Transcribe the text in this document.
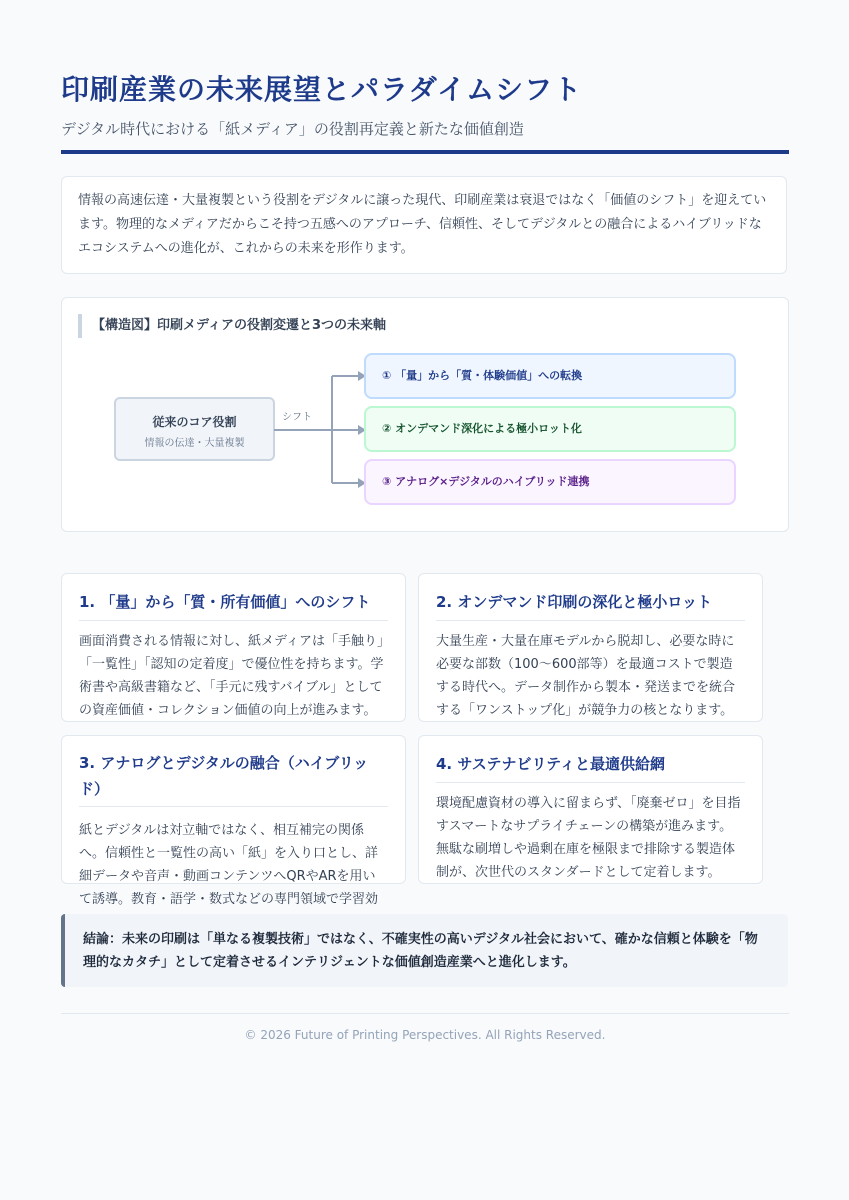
印刷産業の未来展望とパラダイムシフト
デジタル時代における「紙メディア」の役割再定義と新たな価値創造
情報の高速伝達・大量複製という役割をデジタルに譲った現代、印刷産業は衰退ではなく「価値のシフト」を迎えています。物理的なメディアだからこそ持つ五感へのアプローチ、信頼性、そしてデジタルとの融合によるハイブリッドなエコシステムへの進化が、これからの未来を形作ります。
【構造図】印刷メディアの役割変遷と3つの未来軸
従来のコア役割
情報の伝達・大量複製
シフト
① 「量」から「質・体験価値」への転換
② オンデマンド深化による極小ロット化
③ アナログ×デジタルのハイブリッド連携
1. 「量」から「質・所有価値」へのシフト
画面消費される情報に対し、紙メディアは「手触り」「一覧性」「認知の定着度」で優位性を持ちます。学術書や高級書籍など、「手元に残すバイブル」としての資産価値・コレクション価値の向上が進みます。
2. オンデマンド印刷の深化と極小ロット
大量生産・大量在庫モデルから脱却し、必要な時に必要な部数（100〜600部等）を最適コストで製造する時代へ。データ制作から製本・発送までを統合する「ワンストップ化」が競争力の核となります。
3. アナログとデジタルの融合（ハイブリッド）
紙とデジタルは対立軸ではなく、相互補完の関係へ。信頼性と一覧性の高い「紙」を入り口とし、詳細データや音声・動画コンテンツへQRやARを用いて誘導。教育・語学・数式などの専門領域で学習効
4. サステナビリティと最適供給網
環境配慮資材の導入に留まらず、「廃棄ゼロ」を目指すスマートなサプライチェーンの構築が進みます。無駄な刷増しや過剰在庫を極限まで排除する製造体制が、次世代のスタンダードとして定着します。
結論：未来の印刷は「単なる複製技術」ではなく、不確実性の高いデジタル社会において、確かな信頼と体験を「物理的なカタチ」として定着させるインテリジェントな価値創造産業へと進化します。
© 2026 Future of Printing Perspectives. All Rights Reserved.
